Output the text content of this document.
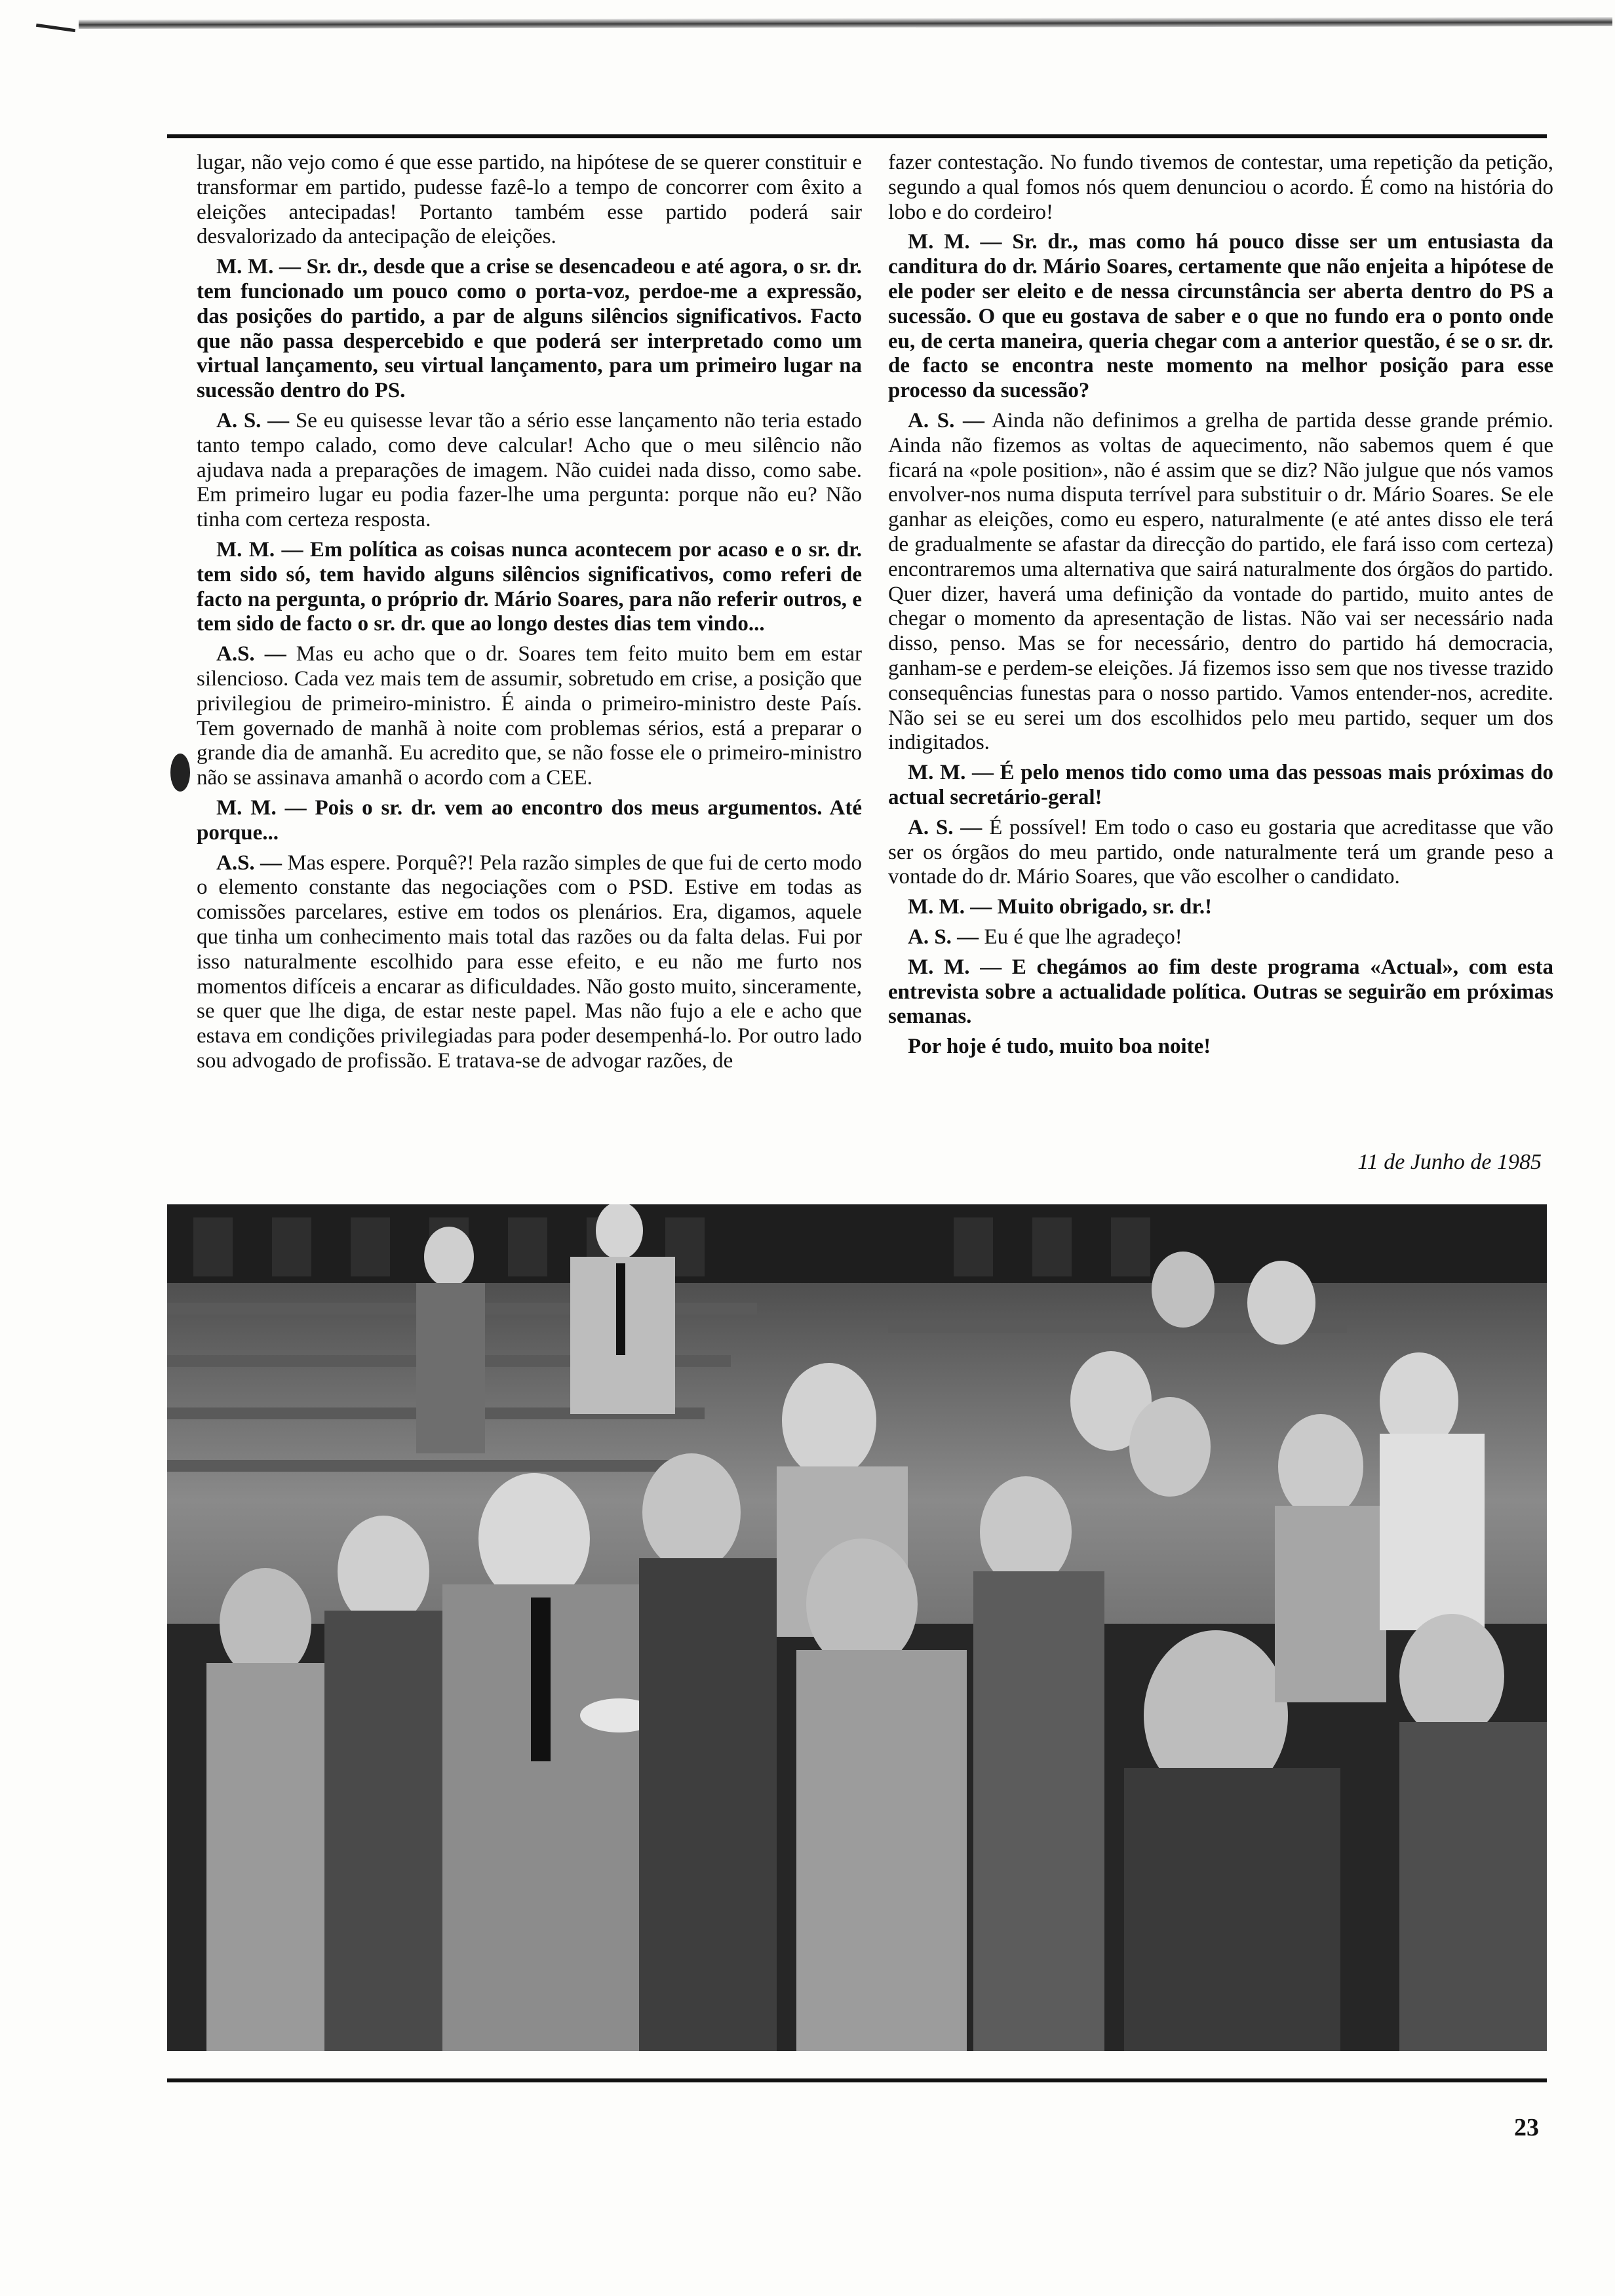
lugar, não vejo como é que esse partido, na hipótese de se querer constituir e transformar em partido, pudesse fazê-lo a tempo de concorrer com êxito a eleições antecipadas! Portanto também esse partido poderá sair desvalorizado da antecipação de eleições.

M. M. — Sr. dr., desde que a crise se desencadeou e até agora, o sr. dr. tem funcionado um pouco como o porta-voz, perdoe-me a expressão, das posições do partido, a par de alguns silêncios significativos. Facto que não passa despercebido e que poderá ser interpretado como um virtual lançamento, seu virtual lançamento, para um primeiro lugar na sucessão dentro do PS.

A. S. — Se eu quisesse levar tão a sério esse lançamento não teria estado tanto tempo calado, como deve calcular! Acho que o meu silêncio não ajudava nada a preparações de imagem. Não cuidei nada disso, como sabe. Em primeiro lugar eu podia fazer-lhe uma pergunta: porque não eu? Não tinha com certeza resposta.

M. M. — Em política as coisas nunca acontecem por acaso e o sr. dr. tem sido só, tem havido alguns silêncios significativos, como referi de facto na pergunta, o próprio dr. Mário Soares, para não referir outros, e tem sido de facto o sr. dr. que ao longo destes dias tem vindo...

A.S. — Mas eu acho que o dr. Soares tem feito muito bem em estar silencioso. Cada vez mais tem de assumir, sobretudo em crise, a posição que privilegiou de primeiro-ministro. É ainda o primeiro-ministro deste País. Tem governado de manhã à noite com problemas sérios, está a preparar o grande dia de amanhã. Eu acredito que, se não fosse ele o primeiro-ministro não se assinava amanhã o acordo com a CEE.

M. M. — Pois o sr. dr. vem ao encontro dos meus argumentos. Até porque...

A.S. — Mas espere. Porquê?! Pela razão simples de que fui de certo modo o elemento constante das negociações com o PSD. Estive em todas as comissões parcelares, estive em todos os plenários. Era, digamos, aquele que tinha um conhecimento mais total das razões ou da falta delas. Fui por isso naturalmente escolhido para esse efeito, e eu não me furto nos momentos difíceis a encarar as dificuldades. Não gosto muito, sinceramente, se quer que lhe diga, de estar neste papel. Mas não fujo a ele e acho que estava em condições privilegiadas para poder desempenhá-lo. Por outro lado sou advogado de profissão. E tratava-se de advogar razões, de

fazer contestação. No fundo tivemos de contestar, uma repetição da petição, segundo a qual fomos nós quem denunciou o acordo. É como na história do lobo e do cordeiro!

M. M. — Sr. dr., mas como há pouco disse ser um entusiasta da canditura do dr. Mário Soares, certamente que não enjeita a hipótese de ele poder ser eleito e de nessa circunstância ser aberta dentro do PS a sucessão. O que eu gostava de saber e o que no fundo era o ponto onde eu, de certa maneira, queria chegar com a anterior questão, é se o sr. dr. de facto se encontra neste momento na melhor posição para esse processo da sucessão?

A. S. — Ainda não definimos a grelha de partida desse grande prémio. Ainda não fizemos as voltas de aquecimento, não sabemos quem é que ficará na «pole position», não é assim que se diz? Não julgue que nós vamos envolver-nos numa disputa terrível para substituir o dr. Mário Soares. Se ele ganhar as eleições, como eu espero, naturalmente (e até antes disso ele terá de gradualmente se afastar da direcção do partido, ele fará isso com certeza) encontraremos uma alternativa que sairá naturalmente dos órgãos do partido. Quer dizer, haverá uma definição da vontade do partido, muito antes de chegar o momento da apresentação de listas. Não vai ser necessário nada disso, penso. Mas se for necessário, dentro do partido há democracia, ganham-se e perdem-se eleições. Já fizemos isso sem que nos tivesse trazido consequências funestas para o nosso partido. Vamos entender-nos, acredite. Não sei se eu serei um dos escolhidos pelo meu partido, sequer um dos indigitados.

M. M. — É pelo menos tido como uma das pessoas mais próximas do actual secretário-geral!

A. S. — É possível! Em todo o caso eu gostaria que acreditasse que vão ser os órgãos do meu partido, onde naturalmente terá um grande peso a vontade do dr. Mário Soares, que vão escolher o candidato.

M. M. — Muito obrigado, sr. dr.!

A. S. — Eu é que lhe agradeço!

M. M. — E chegámos ao fim deste programa «Actual», com esta entrevista sobre a actualidade política. Outras se seguirão em próximas semanas.

Por hoje é tudo, muito boa noite!

11 de Junho de 1985
23
